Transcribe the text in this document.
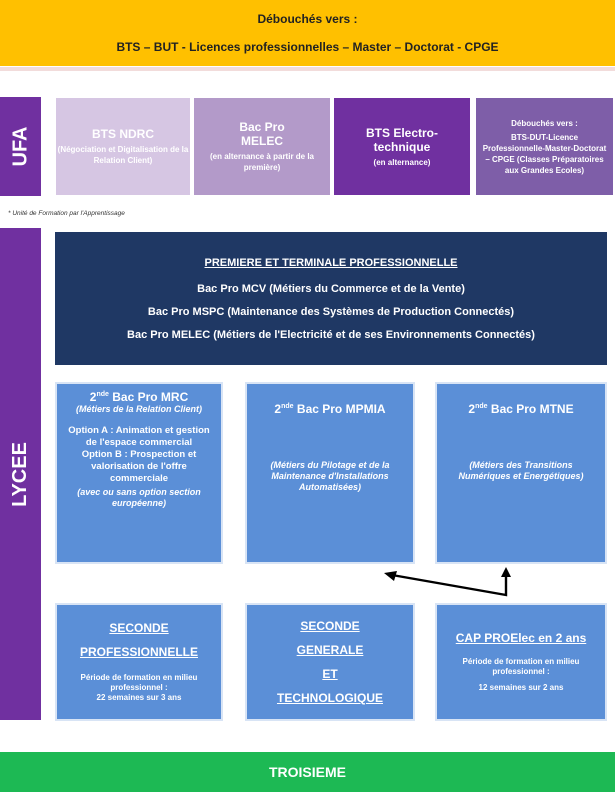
Débouchés vers :
BTS – BUT - Licences professionnelles – Master – Doctorat - CPGE
UFA	BTS NDRC
(Négociation et Digitalisation de la Relation Client)
Bac Pro
MELEC
(en alternance à partir de la première)
BTS Electro-
technique
(en alternance)
Débouchés vers :
BTS-DUT-Licence Professionnelle-Master-Doctorat – CPGE (Classes Préparatoires aux Grandes Ecoles)
* Unité de Formation par l'Apprentissage
LYCEE
PREMIERE ET TERMINALE PROFESSIONNELLE
Bac Pro MCV (Métiers du Commerce et de la Vente)
Bac Pro MSPC (Maintenance des Systèmes de Production Connectés)
Bac Pro MELEC (Métiers de l'Electricité et de ses Environnements Connectés)
2nde Bac Pro MRC
(Métiers de la Relation Client)
Option A : Animation et gestion de l'espace commercial
Option B : Prospection et valorisation de l'offre commerciale
(avec ou sans option section européenne)
2nde Bac Pro MPMIA
(Métiers du Pilotage et de la Maintenance d'Installations Automatisées)
2nde Bac Pro MTNE
(Métiers des Transitions Numériques et Energétiques)
SECONDE
PROFESSIONNELLE
Période de formation en milieu professionnel :
22 semaines sur 3 ans
SECONDE
GENERALE
ET
TECHNOLOGIQUE
CAP PROElec en 2 ans
Période de formation en milieu professionnel :
12 semaines sur 2 ans
TROISIEME
